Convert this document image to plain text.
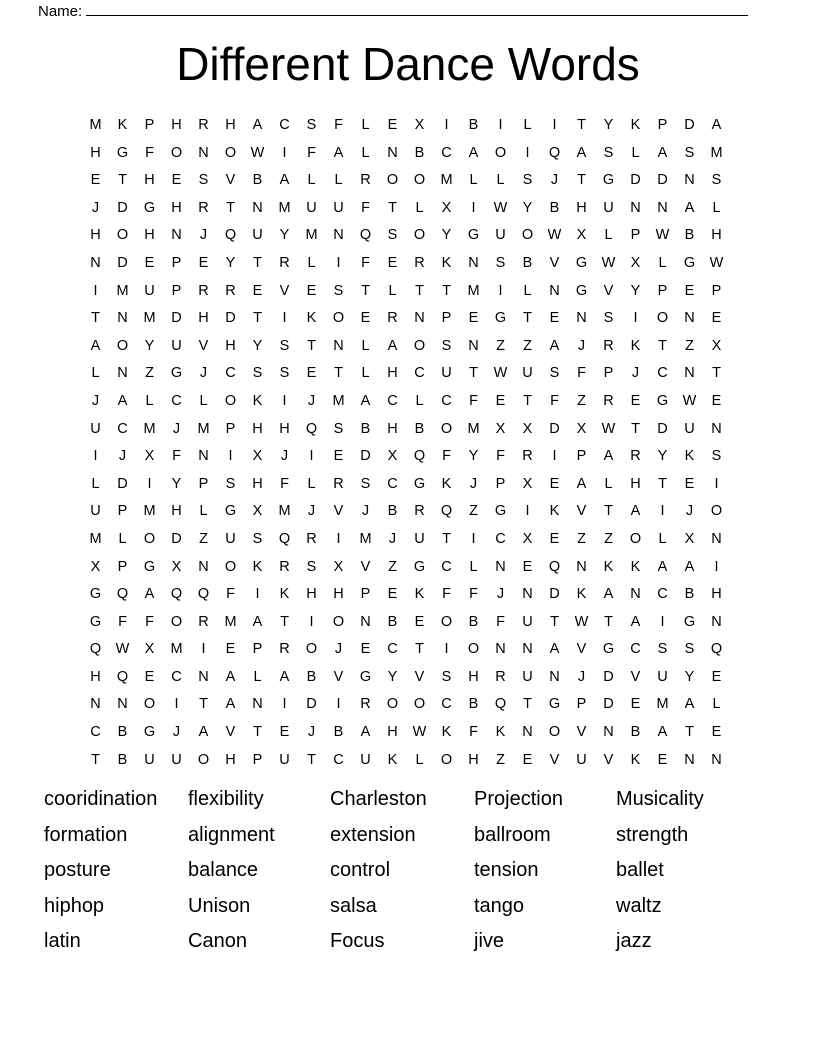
Name:
Different Dance Words
M	K	P	H	R	H	A	C	S	F	L	E	X	I	B	I	L	I	T	Y	K	P	D	A
H	G	F	O	N	O	W	I	F	A	L	N	B	C	A	O	I	Q	A	S	L	A	S	M
E	T	H	E	S	V	B	A	L	L	R	O	O	M	L	L	S	J	T	G	D	D	N	S
J	D	G	H	R	T	N	M	U	U	F	T	L	X	I	W	Y	B	H	U	N	N	A	L
H	O	H	N	J	Q	U	Y	M	N	Q	S	O	Y	G	U	O	W	X	L	P	W	B	H
N	D	E	P	E	Y	T	R	L	I	F	E	R	K	N	S	B	V	G	W	X	L	G	W
I	M	U	P	R	R	E	V	E	S	T	L	T	T	M	I	L	N	G	V	Y	P	E	P
T	N	M	D	H	D	T	I	K	O	E	R	N	P	E	G	T	E	N	S	I	O	N	E
A	O	Y	U	V	H	Y	S	T	N	L	A	O	S	N	Z	Z	A	J	R	K	T	Z	X
L	N	Z	G	J	C	S	S	E	T	L	H	C	U	T	W	U	S	F	P	J	C	N	T
J	A	L	C	L	O	K	I	J	M	A	C	L	C	F	E	T	F	Z	R	E	G	W	E
U	C	M	J	M	P	H	H	Q	S	B	H	B	O	M	X	X	D	X	W	T	D	U	N
I	J	X	F	N	I	X	J	I	E	D	X	Q	F	Y	F	R	I	P	A	R	Y	K	S
L	D	I	Y	P	S	H	F	L	R	S	C	G	K	J	P	X	E	A	L	H	T	E	I
U	P	M	H	L	G	X	M	J	V	J	B	R	Q	Z	G	I	K	V	T	A	I	J	O
M	L	O	D	Z	U	S	Q	R	I	M	J	U	T	I	C	X	E	Z	Z	O	L	X	N
X	P	G	X	N	O	K	R	S	X	V	Z	G	C	L	N	E	Q	N	K	K	A	A	I
G	Q	A	Q	Q	F	I	K	H	H	P	E	K	F	F	J	N	D	K	A	N	C	B	H
G	F	F	O	R	M	A	T	I	O	N	B	E	O	B	F	U	T	W	T	A	I	G	N
Q	W	X	M	I	E	P	R	O	J	E	C	T	I	O	N	N	A	V	G	C	S	S	Q
H	Q	E	C	N	A	L	A	B	V	G	Y	V	S	H	R	U	N	J	D	V	U	Y	E
N	N	O	I	T	A	N	I	D	I	R	O	O	C	B	Q	T	G	P	D	E	M	A	L
C	B	G	J	A	V	T	E	J	B	A	H	W	K	F	K	N	O	V	N	B	A	T	E
T	B	U	U	O	H	P	U	T	C	U	K	L	O	H	Z	E	V	U	V	K	E	N	N
cooridination	flexibility	Charleston	Projection	Musicality
formation	alignment	extension	ballroom	strength
posture	balance	control	tension	ballet
hiphop	Unison	salsa	tango	waltz
latin	Canon	Focus	jive	jazz
